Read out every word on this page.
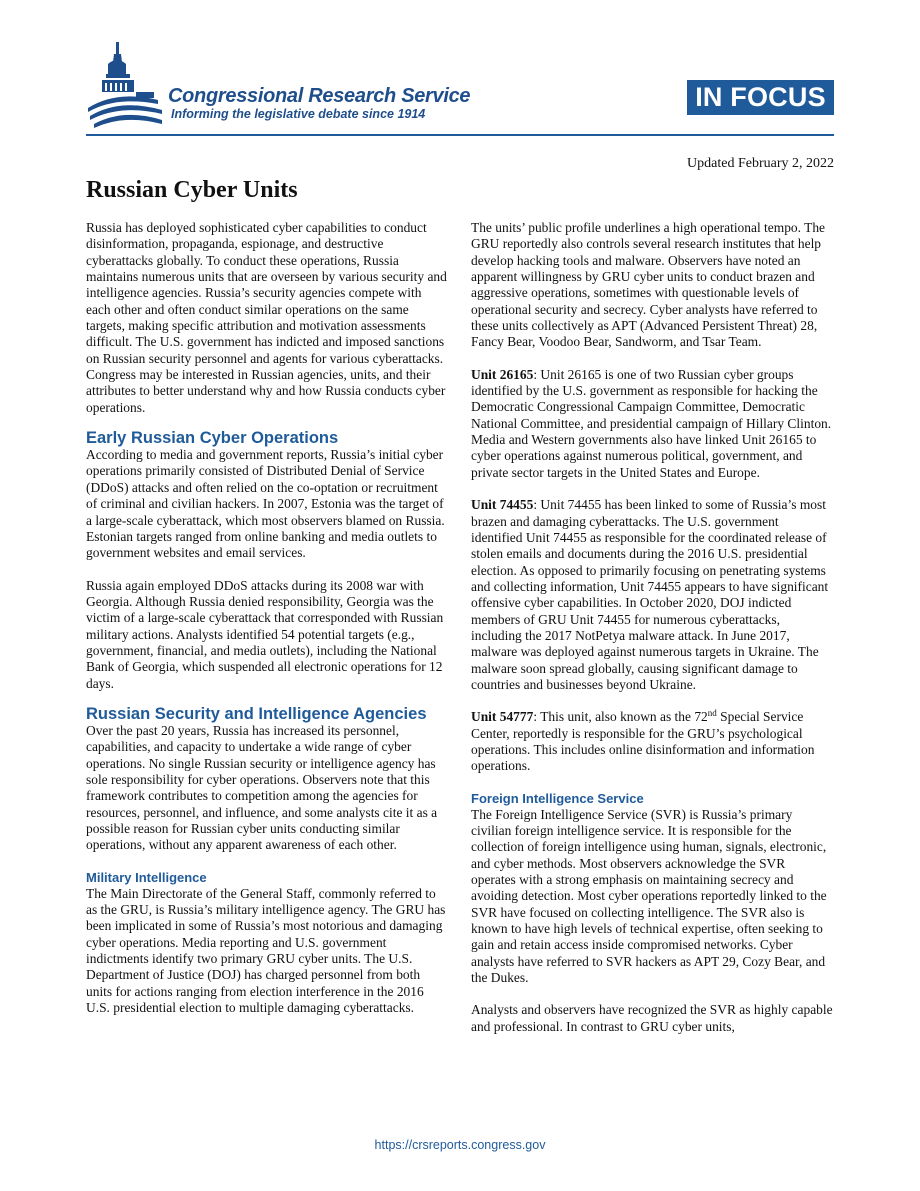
Congressional Research Service
Informing the legislative debate since 1914
IN FOCUS
Updated February 2, 2022
Russian Cyber Units

Russia has deployed sophisticated cyber capabilities to conduct disinformation, propaganda, espionage, and destructive cyberattacks globally. To conduct these operations, Russia maintains numerous units that are overseen by various security and intelligence agencies. Russia’s security agencies compete with each other and often conduct similar operations on the same targets, making specific attribution and motivation assessments difficult. The U.S. government has indicted and imposed sanctions on Russian security personnel and agents for various cyberattacks. Congress may be interested in Russian agencies, units, and their attributes to better understand why and how Russia conducts cyber operations.

Early Russian Cyber Operations

According to media and government reports, Russia’s initial cyber operations primarily consisted of Distributed Denial of Service (DDoS) attacks and often relied on the co-optation or recruitment of criminal and civilian hackers. In 2007, Estonia was the target of a large-scale cyberattack, which most observers blamed on Russia. Estonian targets ranged from online banking and media outlets to government websites and email services.

Russia again employed DDoS attacks during its 2008 war with Georgia. Although Russia denied responsibility, Georgia was the victim of a large-scale cyberattack that corresponded with Russian military actions. Analysts identified 54 potential targets (e.g., government, financial, and media outlets), including the National Bank of Georgia, which suspended all electronic operations for 12 days.

Russian Security and Intelligence Agencies

Over the past 20 years, Russia has increased its personnel, capabilities, and capacity to undertake a wide range of cyber operations. No single Russian security or intelligence agency has sole responsibility for cyber operations. Observers note that this framework contributes to competition among the agencies for resources, personnel, and influence, and some analysts cite it as a possible reason for Russian cyber units conducting similar operations, without any apparent awareness of each other.

Military Intelligence

The Main Directorate of the General Staff, commonly referred to as the GRU, is Russia’s military intelligence agency. The GRU has been implicated in some of Russia’s most notorious and damaging cyber operations. Media reporting and U.S. government indictments identify two primary GRU cyber units. The U.S. Department of Justice (DOJ) has charged personnel from both units for actions ranging from election interference in the 2016 U.S. presidential election to multiple damaging cyberattacks.

The units’ public profile underlines a high operational tempo. The GRU reportedly also controls several research institutes that help develop hacking tools and malware. Observers have noted an apparent willingness by GRU cyber units to conduct brazen and aggressive operations, sometimes with questionable levels of operational security and secrecy. Cyber analysts have referred to these units collectively as APT (Advanced Persistent Threat) 28, Fancy Bear, Voodoo Bear, Sandworm, and Tsar Team.

Unit 26165: Unit 26165 is one of two Russian cyber groups identified by the U.S. government as responsible for hacking the Democratic Congressional Campaign Committee, Democratic National Committee, and presidential campaign of Hillary Clinton. Media and Western governments also have linked Unit 26165 to cyber operations against numerous political, government, and private sector targets in the United States and Europe.

Unit 74455: Unit 74455 has been linked to some of Russia’s most brazen and damaging cyberattacks. The U.S. government identified Unit 74455 as responsible for the coordinated release of stolen emails and documents during the 2016 U.S. presidential election. As opposed to primarily focusing on penetrating systems and collecting information, Unit 74455 appears to have significant offensive cyber capabilities. In October 2020, DOJ indicted members of GRU Unit 74455 for numerous cyberattacks, including the 2017 NotPetya malware attack. In June 2017, malware was deployed against numerous targets in Ukraine. The malware soon spread globally, causing significant damage to countries and businesses beyond Ukraine.

Unit 54777: This unit, also known as the 72nd Special Service Center, reportedly is responsible for the GRU’s psychological operations. This includes online disinformation and information operations.

Foreign Intelligence Service

The Foreign Intelligence Service (SVR) is Russia’s primary civilian foreign intelligence service. It is responsible for the collection of foreign intelligence using human, signals, electronic, and cyber methods. Most observers acknowledge the SVR operates with a strong emphasis on maintaining secrecy and avoiding detection. Most cyber operations reportedly linked to the SVR have focused on collecting intelligence. The SVR also is known to have high levels of technical expertise, often seeking to gain and retain access inside compromised networks. Cyber analysts have referred to SVR hackers as APT 29, Cozy Bear, and the Dukes.

Analysts and observers have recognized the SVR as highly capable and professional. In contrast to GRU cyber units,

https://crsreports.congress.gov
